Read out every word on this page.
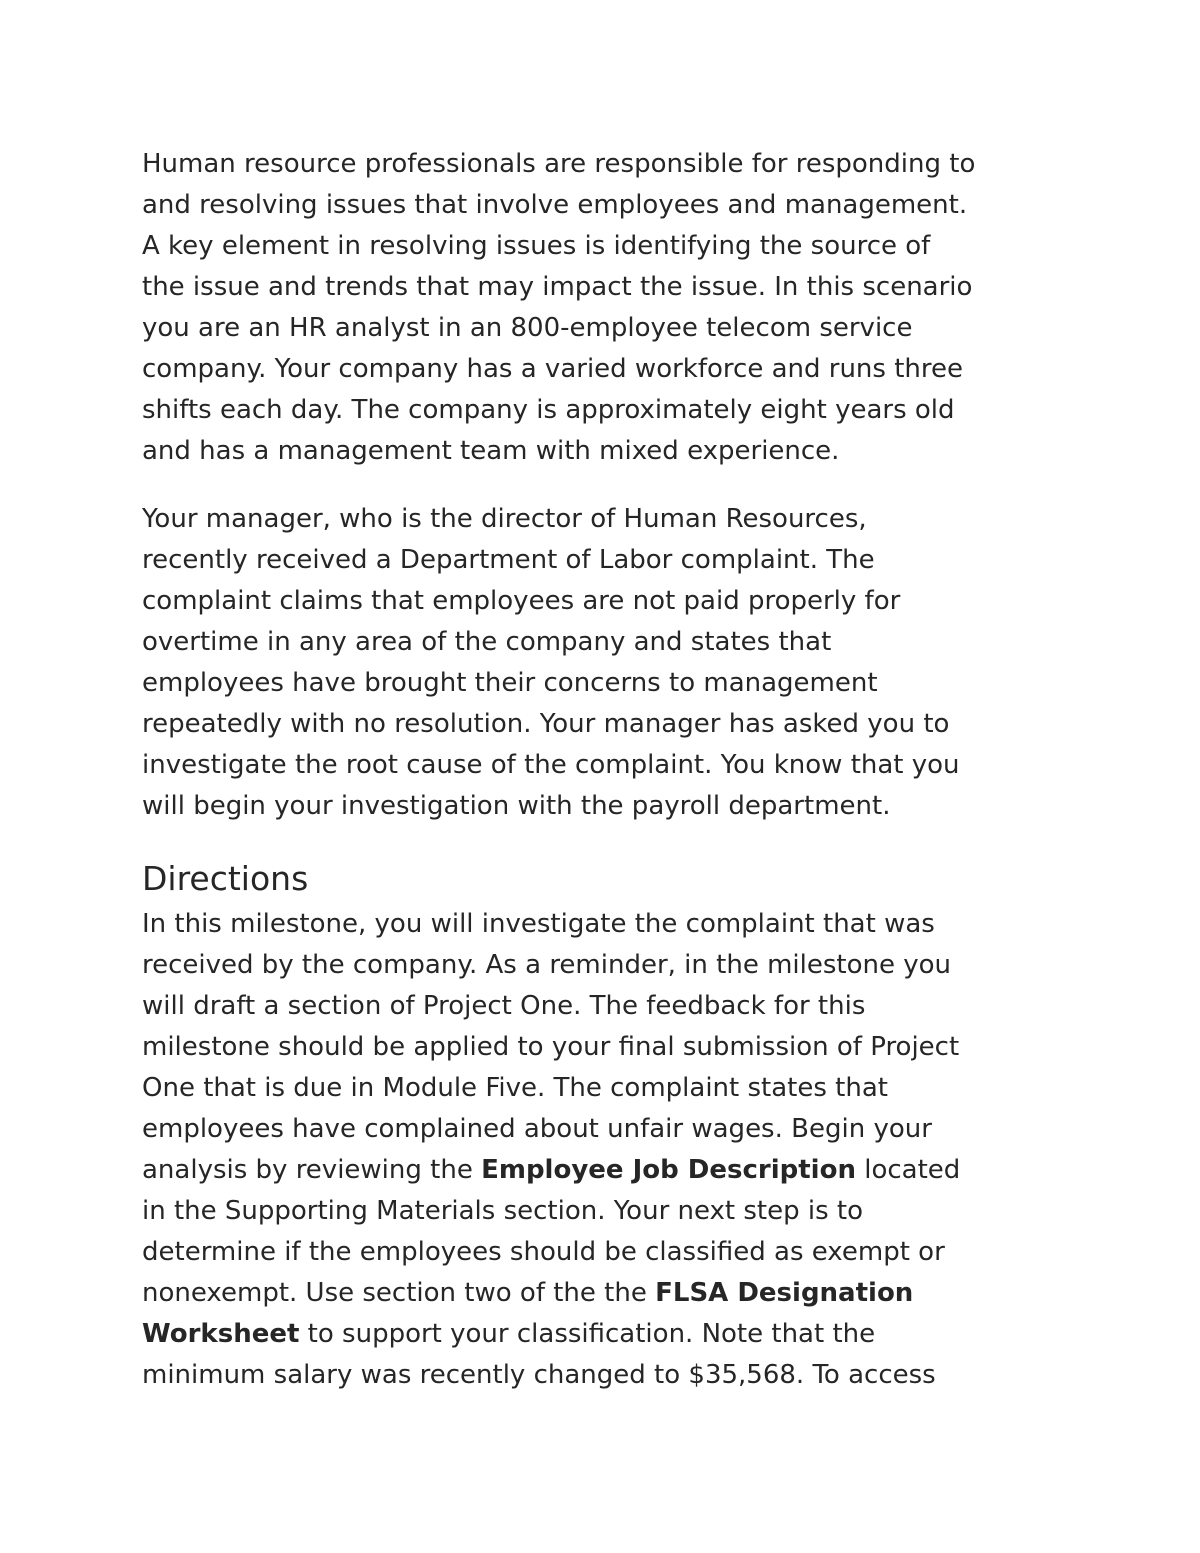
Human resource professionals are responsible for responding to
and resolving issues that involve employees and management.
A key element in resolving issues is identifying the source of
the issue and trends that may impact the issue. In this scenario
you are an HR analyst in an 800-employee telecom service
company. Your company has a varied workforce and runs three
shifts each day. The company is approximately eight years old
and has a management team with mixed experience.

Your manager, who is the director of Human Resources,
recently received a Department of Labor complaint. The
complaint claims that employees are not paid properly for
overtime in any area of the company and states that
employees have brought their concerns to management
repeatedly with no resolution. Your manager has asked you to
investigate the root cause of the complaint. You know that you
will begin your investigation with the payroll department.

Directions

In this milestone, you will investigate the complaint that was
received by the company. As a reminder, in the milestone you
will draft a section of Project One. The feedback for this
milestone should be applied to your final submission of Project
One that is due in Module Five. The complaint states that
employees have complained about unfair wages. Begin your
analysis by reviewing the Employee Job Description located
in the Supporting Materials section. Your next step is to
determine if the employees should be classified as exempt or
nonexempt. Use section two of the the FLSA Designation
Worksheet to support your classification. Note that the
minimum salary was recently changed to $35,568. To access
